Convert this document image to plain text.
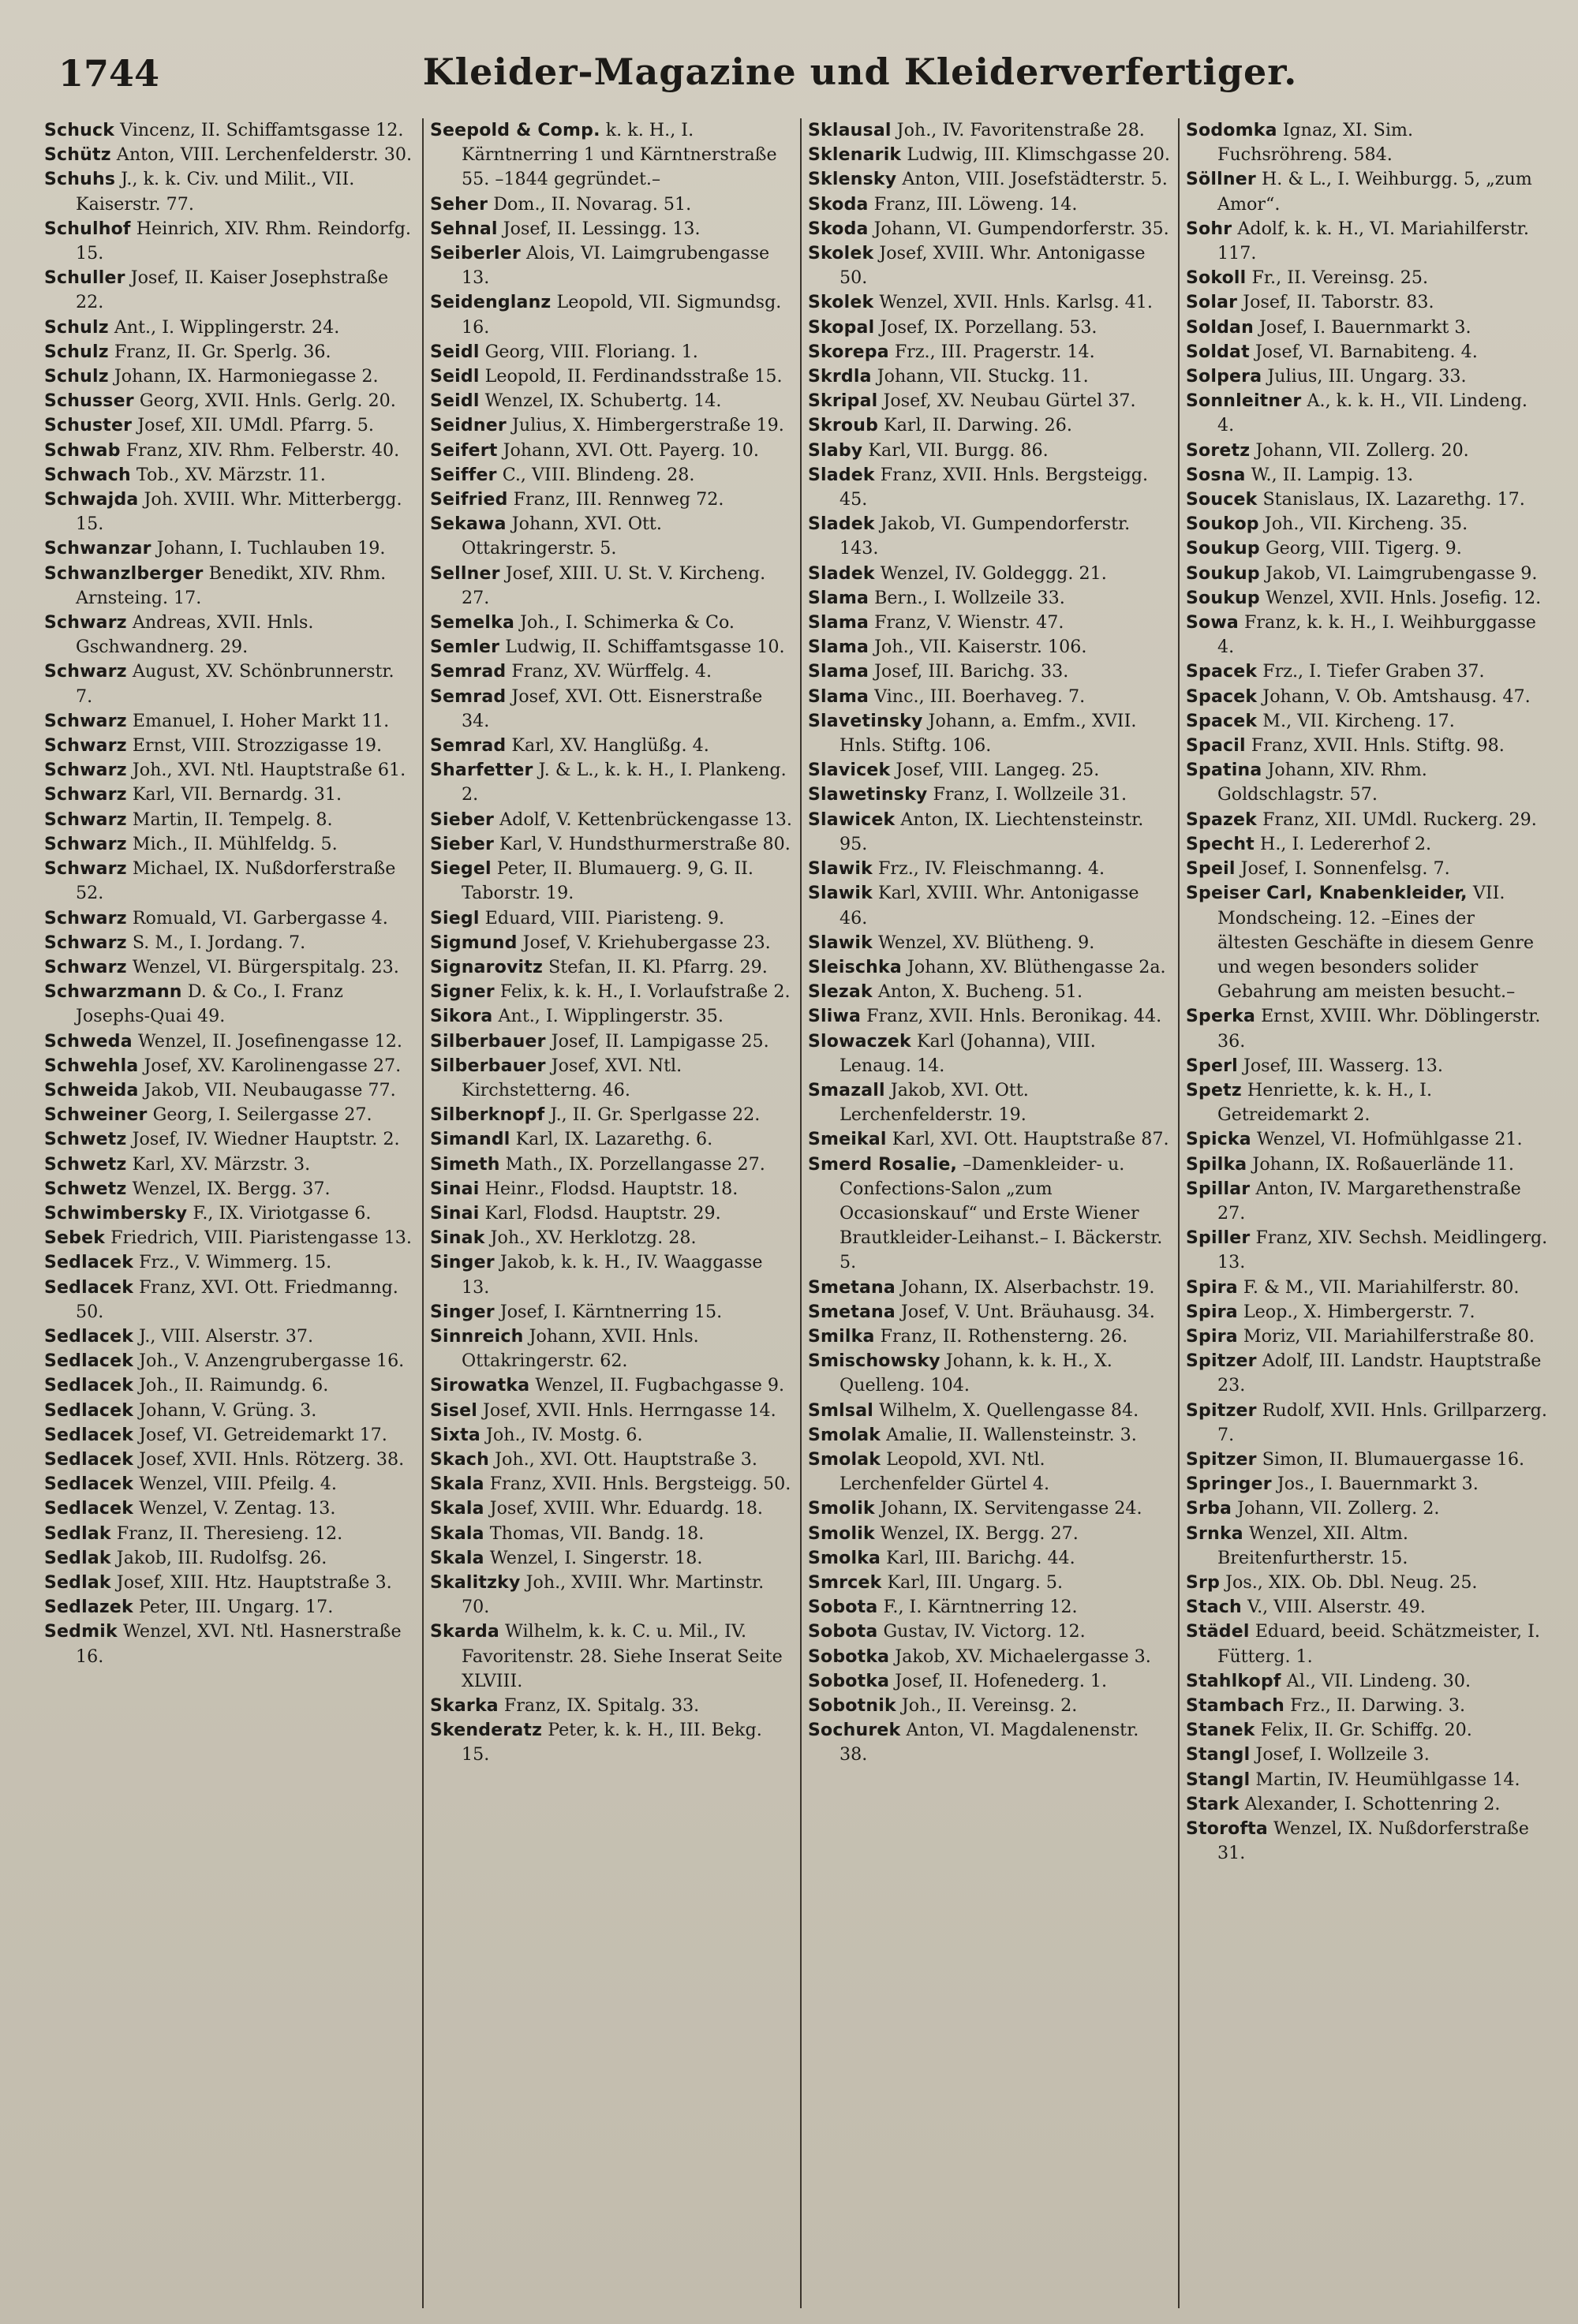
1744	Kleider-Magazine und Kleiderverfertiger.

Schuck Vincenz, II. Schiffamtsgasse 12.

Schütz Anton, VIII. Lerchenfelderstr. 30.

Schuhs J., k. k. Civ. und Milit., VII. Kaiserstr. 77.

Schulhof Heinrich, XIV. Rhm. Reindorfg. 15.

Schuller Josef, II. Kaiser Josephstraße 22.

Schulz Ant., I. Wipplingerstr. 24.

Schulz Franz, II. Gr. Sperlg. 36.

Schulz Johann, IX. Harmoniegasse 2.

Schusser Georg, XVII. Hnls. Gerlg. 20.

Schuster Josef, XII. UMdl. Pfarrg. 5.

Schwab Franz, XIV. Rhm. Felberstr. 40.

Schwach Tob., XV. Märzstr. 11.

Schwajda Joh. XVIII. Whr. Mitterbergg. 15.

Schwanzar Johann, I. Tuchlauben 19.

Schwanzlberger Benedikt, XIV. Rhm. Arnsteing. 17.

Schwarz Andreas, XVII. Hnls. Gschwandnerg. 29.

Schwarz August, XV. Schönbrunnerstr. 7.

Schwarz Emanuel, I. Hoher Markt 11.

Schwarz Ernst, VIII. Strozzigasse 19.

Schwarz Joh., XVI. Ntl. Hauptstraße 61.

Schwarz Karl, VII. Bernardg. 31.

Schwarz Martin, II. Tempelg. 8.

Schwarz Mich., II. Mühlfeldg. 5.

Schwarz Michael, IX. Nußdorferstraße 52.

Schwarz Romuald, VI. Garbergasse 4.

Schwarz S. M., I. Jordang. 7.

Schwarz Wenzel, VI. Bürgerspitalg. 23.

Schwarzmann D. & Co., I. Franz Josephs-Quai 49.

Schweda Wenzel, II. Josefinengasse 12.

Schwehla Josef, XV. Karolinengasse 27.

Schweida Jakob, VII. Neubaugasse 77.

Schweiner Georg, I. Seilergasse 27.

Schwetz Josef, IV. Wiedner Hauptstr. 2.

Schwetz Karl, XV. Märzstr. 3.

Schwetz Wenzel, IX. Bergg. 37.

Schwimbersky F., IX. Viriotgasse 6.

Sebek Friedrich, VIII. Piaristengasse 13.

Sedlacek Frz., V. Wimmerg. 15.

Sedlacek Franz, XVI. Ott. Friedmanng. 50.

Sedlacek J., VIII. Alserstr. 37.

Sedlacek Joh., V. Anzengrubergasse 16.

Sedlacek Joh., II. Raimundg. 6.

Sedlacek Johann, V. Grüng. 3.

Sedlacek Josef, VI. Getreidemarkt 17.

Sedlacek Josef, XVII. Hnls. Rötzerg. 38.

Sedlacek Wenzel, VIII. Pfeilg. 4.

Sedlacek Wenzel, V. Zentag. 13.

Sedlak Franz, II. Theresieng. 12.

Sedlak Jakob, III. Rudolfsg. 26.

Sedlak Josef, XIII. Htz. Hauptstraße 3.

Sedlazek Peter, III. Ungarg. 17.

Sedmik Wenzel, XVI. Ntl. Hasnerstraße 16.

Seepold & Comp. k. k. H., I. Kärntnerring 1 und Kärntnerstraße 55. –1844 gegründet.–

Seher Dom., II. Novarag. 51.

Sehnal Josef, II. Lessingg. 13.

Seiberler Alois, VI. Laimgrubengasse 13.

Seidenglanz Leopold, VII. Sigmundsg. 16.

Seidl Georg, VIII. Floriang. 1.

Seidl Leopold, II. Ferdinandsstraße 15.

Seidl Wenzel, IX. Schubertg. 14.

Seidner Julius, X. Himbergerstraße 19.

Seifert Johann, XVI. Ott. Payerg. 10.

Seiffer C., VIII. Blindeng. 28.

Seifried Franz, III. Rennweg 72.

Sekawa Johann, XVI. Ott. Ottakringerstr. 5.

Sellner Josef, XIII. U. St. V. Kircheng. 27.

Semelka Joh., I. Schimerka & Co.

Semler Ludwig, II. Schiffamtsgasse 10.

Semrad Franz, XV. Würffelg. 4.

Semrad Josef, XVI. Ott. Eisnerstraße 34.

Semrad Karl, XV. Hanglüßg. 4.

Sharfetter J. & L., k. k. H., I. Plankeng. 2.

Sieber Adolf, V. Kettenbrückengasse 13.

Sieber Karl, V. Hundsthurmerstraße 80.

Siegel Peter, II. Blumauerg. 9, G. II. Taborstr. 19.

Siegl Eduard, VIII. Piaristeng. 9.

Sigmund Josef, V. Kriehubergasse 23.

Signarovitz Stefan, II. Kl. Pfarrg. 29.

Signer Felix, k. k. H., I. Vorlaufstraße 2.

Sikora Ant., I. Wipplingerstr. 35.

Silberbauer Josef, II. Lampigasse 25.

Silberbauer Josef, XVI. Ntl. Kirchstetterng. 46.

Silberknopf J., II. Gr. Sperlgasse 22.

Simandl Karl, IX. Lazarethg. 6.

Simeth Math., IX. Porzellangasse 27.

Sinai Heinr., Flodsd. Hauptstr. 18.

Sinai Karl, Flodsd. Hauptstr. 29.

Sinak Joh., XV. Herklotzg. 28.

Singer Jakob, k. k. H., IV. Waaggasse 13.

Singer Josef, I. Kärntnerring 15.

Sinnreich Johann, XVII. Hnls. Ottakringerstr. 62.

Sirowatka Wenzel, II. Fugbachgasse 9.

Sisel Josef, XVII. Hnls. Herrngasse 14.

Sixta Joh., IV. Mostg. 6.

Skach Joh., XVI. Ott. Hauptstraße 3.

Skala Franz, XVII. Hnls. Bergsteigg. 50.

Skala Josef, XVIII. Whr. Eduardg. 18.

Skala Thomas, VII. Bandg. 18.

Skala Wenzel, I. Singerstr. 18.

Skalitzky Joh., XVIII. Whr. Martinstr. 70.

Skarda Wilhelm, k. k. C. u. Mil., IV. Favoritenstr. 28. Siehe Inserat Seite XLVIII.

Skarka Franz, IX. Spitalg. 33.

Skenderatz Peter, k. k. H., III. Bekg. 15.

Sklausal Joh., IV. Favoritenstraße 28.

Sklenarik Ludwig, III. Klimschgasse 20.

Sklensky Anton, VIII. Josefstädterstr. 5.

Skoda Franz, III. Löweng. 14.

Skoda Johann, VI. Gumpendorferstr. 35.

Skolek Josef, XVIII. Whr. Antonigasse 50.

Skolek Wenzel, XVII. Hnls. Karlsg. 41.

Skopal Josef, IX. Porzellang. 53.

Skorepa Frz., III. Pragerstr. 14.

Skrdla Johann, VII. Stuckg. 11.

Skripal Josef, XV. Neubau Gürtel 37.

Skroub Karl, II. Darwing. 26.

Slaby Karl, VII. Burgg. 86.

Sladek Franz, XVII. Hnls. Bergsteigg. 45.

Sladek Jakob, VI. Gumpendorferstr. 143.

Sladek Wenzel, IV. Goldeggg. 21.

Slama Bern., I. Wollzeile 33.

Slama Franz, V. Wienstr. 47.

Slama Joh., VII. Kaiserstr. 106.

Slama Josef, III. Barichg. 33.

Slama Vinc., III. Boerhaveg. 7.

Slavetinsky Johann, a. Emfm., XVII. Hnls. Stiftg. 106.

Slavicek Josef, VIII. Langeg. 25.

Slawetinsky Franz, I. Wollzeile 31.

Slawicek Anton, IX. Liechtensteinstr. 95.

Slawik Frz., IV. Fleischmanng. 4.

Slawik Karl, XVIII. Whr. Antonigasse 46.

Slawik Wenzel, XV. Blütheng. 9.

Sleischka Johann, XV. Blüthengasse 2a.

Slezak Anton, X. Bucheng. 51.

Sliwa Franz, XVII. Hnls. Beronikag. 44.

Slowaczek Karl (Johanna), VIII. Lenaug. 14.

Smazall Jakob, XVI. Ott. Lerchenfelderstr. 19.

Smeikal Karl, XVI. Ott. Hauptstraße 87.

Smerd Rosalie, –Damenkleider- u. Confections-Salon „zum Occasionskauf“ und Erste Wiener Brautkleider-Leihanst.– I. Bäckerstr. 5.

Smetana Johann, IX. Alserbachstr. 19.

Smetana Josef, V. Unt. Bräuhausg. 34.

Smilka Franz, II. Rothensterng. 26.

Smischowsky Johann, k. k. H., X. Quelleng. 104.

Smlsal Wilhelm, X. Quellengasse 84.

Smolak Amalie, II. Wallensteinstr. 3.

Smolak Leopold, XVI. Ntl. Lerchenfelder Gürtel 4.

Smolik Johann, IX. Servitengasse 24.

Smolik Wenzel, IX. Bergg. 27.

Smolka Karl, III. Barichg. 44.

Smrcek Karl, III. Ungarg. 5.

Sobota F., I. Kärntnerring 12.

Sobota Gustav, IV. Victorg. 12.

Sobotka Jakob, XV. Michaelergasse 3.

Sobotka Josef, II. Hofenederg. 1.

Sobotnik Joh., II. Vereinsg. 2.

Sochurek Anton, VI. Magdalenenstr. 38.

Sodomka Ignaz, XI. Sim. Fuchsröhreng. 584.

Söllner H. & L., I. Weihburgg. 5, „zum Amor“.

Sohr Adolf, k. k. H., VI. Mariahilferstr. 117.

Sokoll Fr., II. Vereinsg. 25.

Solar Josef, II. Taborstr. 83.

Soldan Josef, I. Bauernmarkt 3.

Soldat Josef, VI. Barnabiteng. 4.

Solpera Julius, III. Ungarg. 33.

Sonnleitner A., k. k. H., VII. Lindeng. 4.

Soretz Johann, VII. Zollerg. 20.

Sosna W., II. Lampig. 13.

Soucek Stanislaus, IX. Lazarethg. 17.

Soukop Joh., VII. Kircheng. 35.

Soukup Georg, VIII. Tigerg. 9.

Soukup Jakob, VI. Laimgrubengasse 9.

Soukup Wenzel, XVII. Hnls. Josefig. 12.

Sowa Franz, k. k. H., I. Weihburggasse 4.

Spacek Frz., I. Tiefer Graben 37.

Spacek Johann, V. Ob. Amtshausg. 47.

Spacek M., VII. Kircheng. 17.

Spacil Franz, XVII. Hnls. Stiftg. 98.

Spatina Johann, XIV. Rhm. Goldschlagstr. 57.

Spazek Franz, XII. UMdl. Ruckerg. 29.

Specht H., I. Ledererhof 2.

Speil Josef, I. Sonnenfelsg. 7.

Speiser Carl, Knabenkleider, VII. Mondscheing. 12. –Eines der ältesten Geschäfte in diesem Genre und wegen besonders solider Gebahrung am meisten besucht.–

Sperka Ernst, XVIII. Whr. Döblingerstr. 36.

Sperl Josef, III. Wasserg. 13.

Spetz Henriette, k. k. H., I. Getreidemarkt 2.

Spicka Wenzel, VI. Hofmühlgasse 21.

Spilka Johann, IX. Roßauerlände 11.

Spillar Anton, IV. Margarethenstraße 27.

Spiller Franz, XIV. Sechsh. Meidlingerg. 13.

Spira F. & M., VII. Mariahilferstr. 80.

Spira Leop., X. Himbergerstr. 7.

Spira Moriz, VII. Mariahilferstraße 80.

Spitzer Adolf, III. Landstr. Hauptstraße 23.

Spitzer Rudolf, XVII. Hnls. Grillparzerg. 7.

Spitzer Simon, II. Blumauergasse 16.

Springer Jos., I. Bauernmarkt 3.

Srba Johann, VII. Zollerg. 2.

Srnka Wenzel, XII. Altm. Breitenfurtherstr. 15.

Srp Jos., XIX. Ob. Dbl. Neug. 25.

Stach V., VIII. Alserstr. 49.

Städel Eduard, beeid. Schätzmeister, I. Fütterg. 1.

Stahlkopf Al., VII. Lindeng. 30.

Stambach Frz., II. Darwing. 3.

Stanek Felix, II. Gr. Schiffg. 20.

Stangl Josef, I. Wollzeile 3.

Stangl Martin, IV. Heumühlgasse 14.

Stark Alexander, I. Schottenring 2.

Storofta Wenzel, IX. Nußdorferstraße 31.
